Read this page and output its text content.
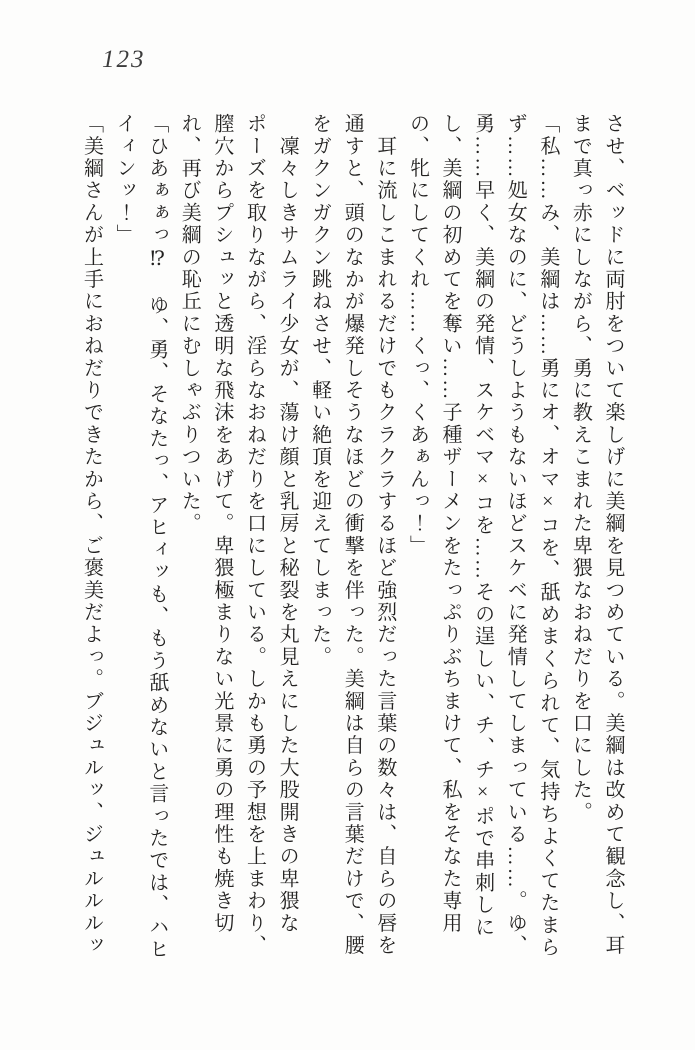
123

させ、ベッドに両肘をついて楽しげに美綱を見つめている。美綱は改めて観念し、耳まで真っ赤にしながら、勇に教えこまれた卑猥なおねだりを口にした。

「私……み、美綱は……勇にオ、オマ×コを、舐めまくられて、気持ちよくてたまらず……処女なのに、どうしようもないほどスケベに発情してしまっている……。ゆ、勇……早く、美綱の発情、スケベマ×コを……その逞しい、チ、チ×ポで串刺しにし、美綱の初めてを奪い……子種ザーメンをたっぷりぶちまけて、私をそなた専用の、牝にしてくれ……くっ、くあぁんっ！」

　耳に流しこまれるだけでもクラクラするほど強烈だった言葉の数々は、自らの唇を通すと、頭のなかが爆発しそうなほどの衝撃を伴った。美綱は自らの言葉だけで、腰をガクンガクン跳ねさせ、軽い絶頂を迎えてしまった。

　凜々しきサムライ少女が、蕩け顔と乳房と秘裂を丸見えにした大股開きの卑猥なポーズを取りながら、淫らなおねだりを口にしている。しかも勇の予想を上まわり、膣穴からプシュッと透明な飛沫をあげて。卑猥極まりない光景に勇の理性も焼き切れ、再び美綱の恥丘にむしゃぶりついた。

「ひあぁぁっ⁉　ゆ、勇、そなたっ、アヒィッも、もう舐めないと言ったでは、ハヒイィンッ！」

「美綱さんが上手におねだりできたから、ご褒美だよっ。ブジュルッ、ジュルルルッ
